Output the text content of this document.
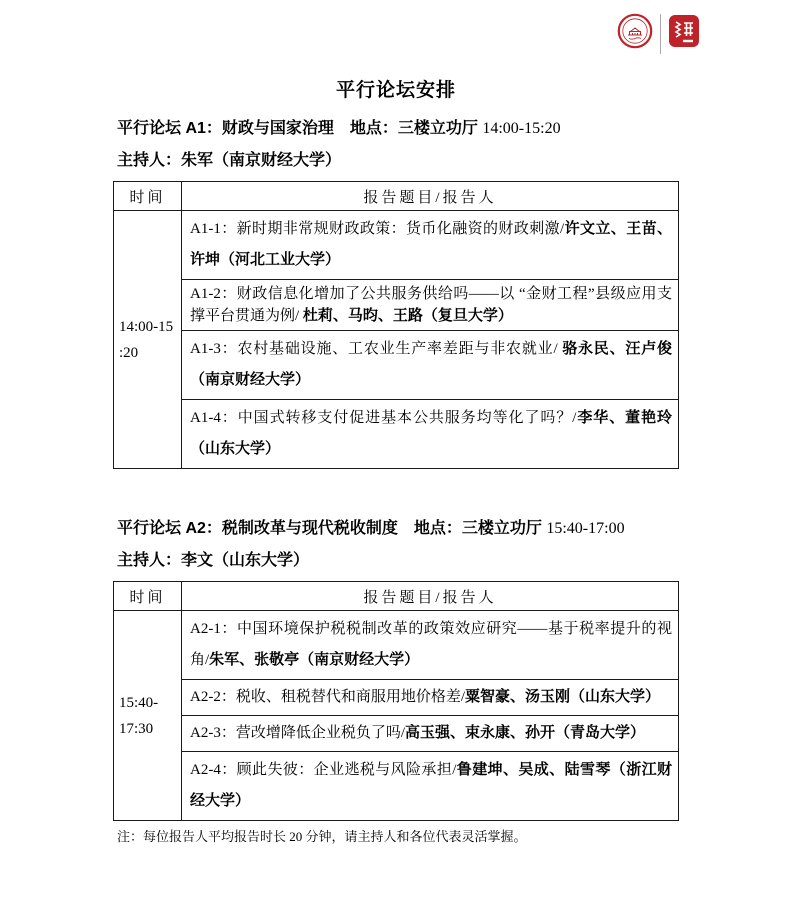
平行论坛安排
平行论坛 A1：财政与国家治理　地点：三楼立功厅 14:00-15:20
主持人：朱军（南京财经大学）
时间	报告题目/报告人
14:00-15
:20	A1-1：新时期非常规财政政策：货币化融资的财政刺激/许文立、王苗、许坤（河北工业大学）
	A1-2：财政信息化增加了公共服务供给吗——以 “金财工程”县级应用支撑平台贯通为例/ 杜莉、马昀、王路（复旦大学）
	A1-3：农村基础设施、工农业生产率差距与非农就业/ 骆永民、汪卢俊（南京财经大学）
	A1-4：中国式转移支付促进基本公共服务均等化了吗？/李华、董艳玲（山东大学）
平行论坛 A2：税制改革与现代税收制度　地点：三楼立功厅 15:40-17:00
主持人：李文（山东大学）
时间	报告题目/报告人
15:40-
17:30	A2-1：中国环境保护税税制改革的政策效应研究——基于税率提升的视角/朱军、张敬亭（南京财经大学）
	A2-2：税收、租税替代和商服用地价格差/粟智豪、汤玉刚（山东大学）
	A2-3：营改增降低企业税负了吗/高玉强、束永康、孙开（青岛大学）
	A2-4：顾此失彼：企业逃税与风险承担/鲁建坤、吴成、陆雪琴（浙江财经大学）
注：每位报告人平均报告时长 20 分钟，请主持人和各位代表灵活掌握。
